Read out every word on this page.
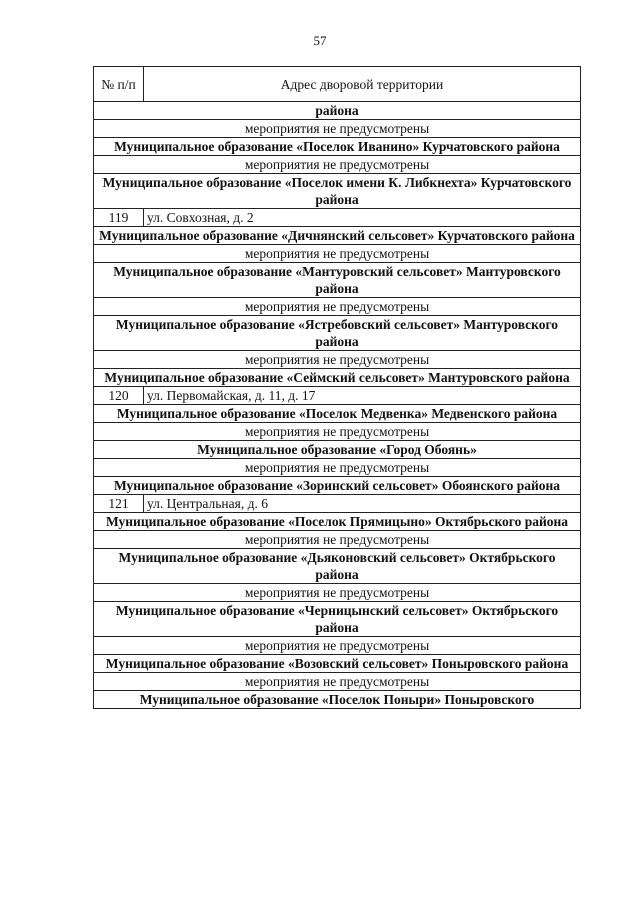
57
№ п/п	Адрес дворовой территории
района	
мероприятия не предусмотрены	
Муниципальное образование «Поселок Иванино» Курчатовского района	
мероприятия не предусмотрены	
Муниципальное образование «Поселок имени К. Либкнехта» Курчатовского района	
119	ул. Совхозная, д. 2
Муниципальное образование «Дичнянский сельсовет» Курчатовского района	
мероприятия не предусмотрены	
Муниципальное образование «Мантуровский сельсовет» Мантуровского района	
мероприятия не предусмотрены	
Муниципальное образование «Ястребовский сельсовет» Мантуровского района	
мероприятия не предусмотрены	
Муниципальное образование «Сеймский сельсовет» Мантуровского района	
120	ул. Первомайская, д. 11, д. 17
Муниципальное образование «Поселок Медвенка» Медвенского района	
мероприятия не предусмотрены	
Муниципальное образование «Город Обоянь»	
мероприятия не предусмотрены	
Муниципальное образование «Зоринский сельсовет» Обоянского района	
121	ул. Центральная, д. 6
Муниципальное образование «Поселок Прямицыно» Октябрьского района	
мероприятия не предусмотрены	
Муниципальное образование «Дьяконовский сельсовет» Октябрьского района	
мероприятия не предусмотрены	
Муниципальное образование «Черницынский сельсовет» Октябрьского района	
мероприятия не предусмотрены	
Муниципальное образование «Возовский сельсовет» Поныровского района	
мероприятия не предусмотрены	
Муниципальное образование «Поселок Поныри» Поныровского	
